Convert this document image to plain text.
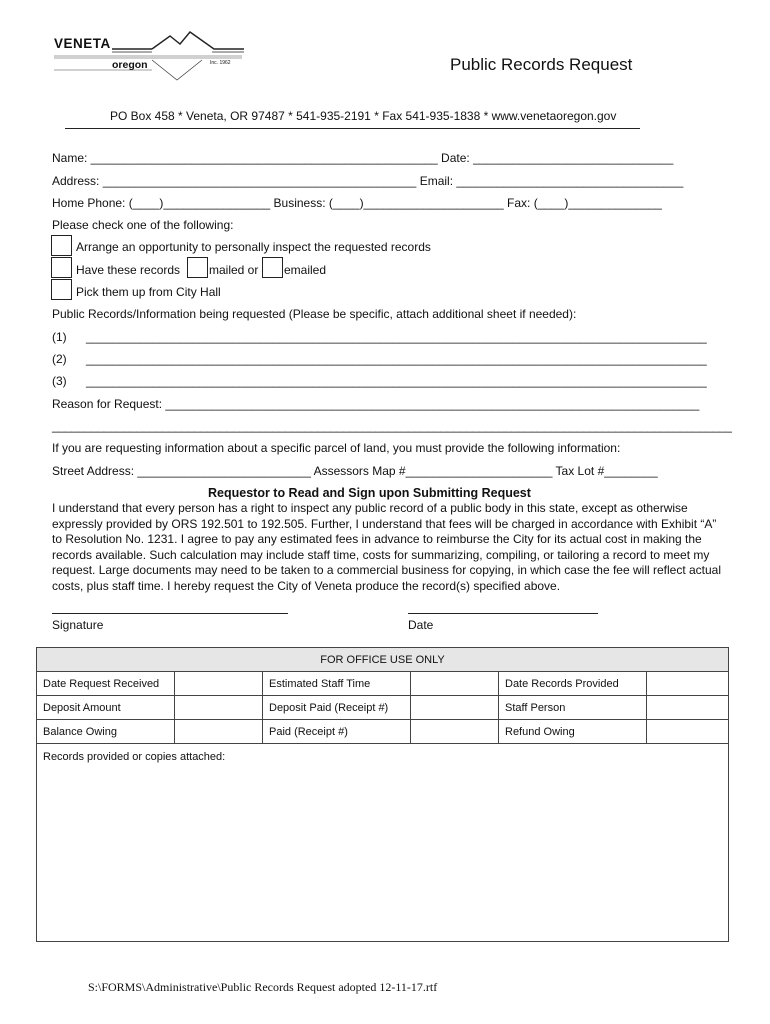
VENETA
oregon	Inc. 1962	Public Records Request
PO Box 458 * Veneta, OR 97487 * 541-935-2191 * Fax 541-935-1838 * www.venetaoregon.gov
Name: ____________________________________________________ Date: ______________________________
Address: _______________________________________________ Email: __________________________________
Home Phone: (____)________________ Business: (____)_____________________ Fax: (____)______________
Please check one of the following:
Arrange an opportunity to personally inspect the requested records
Have these records mailed or emailed
Pick them up from City Hall
Public Records/Information being requested (Please be specific, attach additional sheet if needed):
(1) _____________________________________________________________________________________________
(2) _____________________________________________________________________________________________
(3) _____________________________________________________________________________________________
Reason for Request: ________________________________________________________________________________
_________________________________________________________________________________________________________
If you are requesting information about a specific parcel of land, you must provide the following information:
Street Address: __________________________ Assessors Map #______________________ Tax Lot #________
Requestor to Read and Sign upon Submitting Request
I understand that every person has a right to inspect any public record of a public body in this state, except as otherwise expressly provided by ORS 192.501 to 192.505. Further, I understand that fees will be charged in accordance with Exhibit “A” to Resolution No. 1231. I agree to pay any estimated fees in advance to reimburse the City for its actual cost in making the records available. Such calculation may include staff time, costs for summarizing, compiling, or tailoring a record to meet my request. Large documents may need to be taken to a commercial business for copying, in which case the fee will reflect actual costs, plus staff time. I hereby request the City of Veneta produce the record(s) specified above.
Signature	Date
FOR OFFICE USE ONLY					
Date Request Received		Estimated Staff Time		Date Records Provided	
Deposit Amount		Deposit Paid (Receipt #)		Staff Person	
Balance Owing		Paid (Receipt #)		Refund Owing	
Records provided or copies attached:
S:\FORMS\Administrative\Public Records Request adopted 12-11-17.rtf
